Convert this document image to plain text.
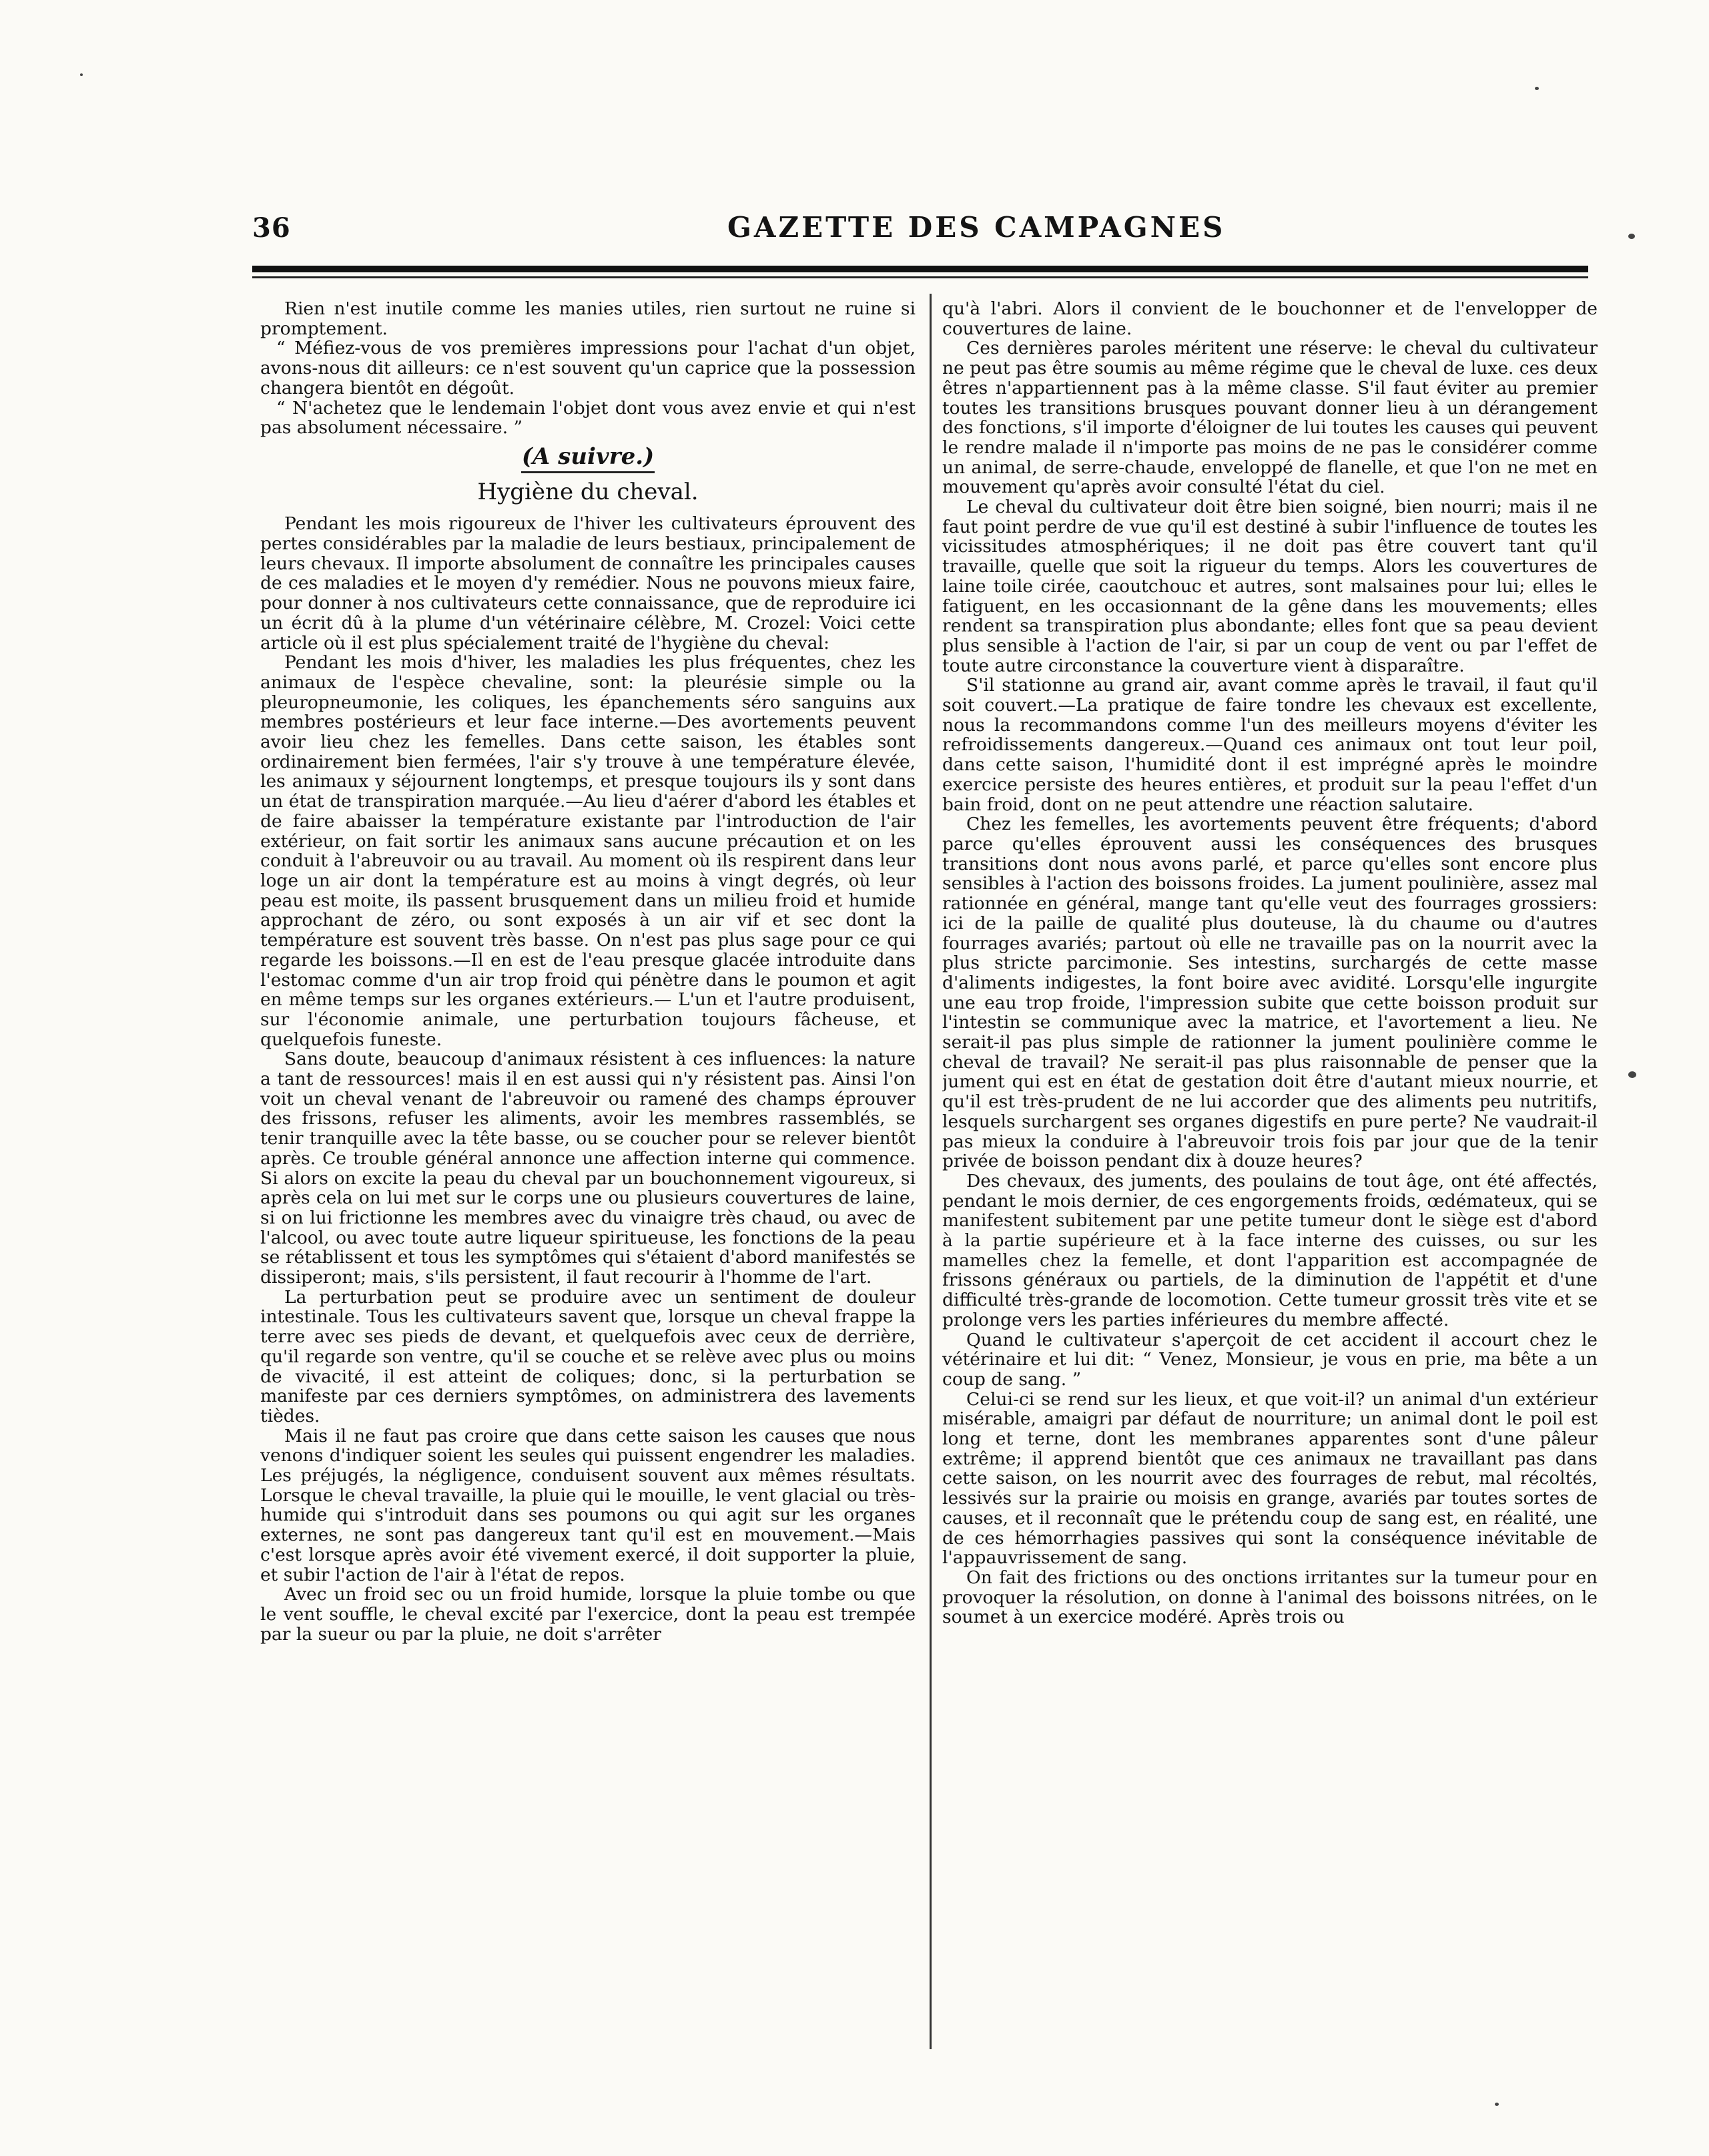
36	GAZETTE DES CAMPAGNES

Rien n'est inutile comme les manies utiles, rien surtout ne ruine si promptement.

“ Méfiez-vous de vos premières impressions pour l'achat d'un objet, avons-nous dit ailleurs: ce n'est souvent qu'un caprice que la possession changera bientôt en dégoût.

“ N'achetez que le lendemain l'objet dont vous avez envie et qui n'est pas absolument nécessaire. ”

(A suivre.)
Hygiène du cheval.

Pendant les mois rigoureux de l'hiver les cultivateurs éprouvent des pertes considérables par la maladie de leurs bestiaux, principalement de leurs chevaux. Il importe absolument de connaître les principales causes de ces maladies et le moyen d'y remédier. Nous ne pouvons mieux faire, pour donner à nos cultivateurs cette connaissance, que de reproduire ici un écrit dû à la plume d'un vétérinaire célèbre, M. Crozel: Voici cette article où il est plus spécialement traité de l'hygiène du cheval:

Pendant les mois d'hiver, les maladies les plus fréquentes, chez les animaux de l'espèce chevaline, sont: la pleurésie simple ou la pleuropneumonie, les coliques, les épanchements séro sanguins aux membres postérieurs et leur face interne.—Des avortements peuvent avoir lieu chez les femelles. Dans cette saison, les étables sont ordinairement bien fermées, l'air s'y trouve à une température élevée, les animaux y séjournent longtemps, et presque toujours ils y sont dans un état de transpiration marquée.—Au lieu d'aérer d'abord les étables et de faire abaisser la température existante par l'introduction de l'air extérieur, on fait sortir les animaux sans aucune précaution et on les conduit à l'abreuvoir ou au travail. Au moment où ils respirent dans leur loge un air dont la température est au moins à vingt degrés, où leur peau est moite, ils passent brusquement dans un milieu froid et humide approchant de zéro, ou sont exposés à un air vif et sec dont la température est souvent très basse. On n'est pas plus sage pour ce qui regarde les boissons.—Il en est de l'eau presque glacée introduite dans l'estomac comme d'un air trop froid qui pénètre dans le poumon et agit en même temps sur les organes extérieurs.— L'un et l'autre produisent, sur l'économie animale, une perturbation toujours fâcheuse, et quelquefois funeste.

Sans doute, beaucoup d'animaux résistent à ces influences: la nature a tant de ressources! mais il en est aussi qui n'y résistent pas. Ainsi l'on voit un cheval venant de l'abreuvoir ou ramené des champs éprouver des frissons, refuser les aliments, avoir les membres rassemblés, se tenir tranquille avec la tête basse, ou se coucher pour se relever bientôt après. Ce trouble général annonce une affection interne qui commence. Si alors on excite la peau du cheval par un bouchonnement vigoureux, si après cela on lui met sur le corps une ou plusieurs couvertures de laine, si on lui frictionne les membres avec du vinaigre très chaud, ou avec de l'alcool, ou avec toute autre liqueur spiritueuse, les fonctions de la peau se rétablissent et tous les symptômes qui s'étaient d'abord manifestés se dissiperont; mais, s'ils persistent, il faut recourir à l'homme de l'art.

La perturbation peut se produire avec un sentiment de douleur intestinale. Tous les cultivateurs savent que, lorsque un cheval frappe la terre avec ses pieds de devant, et quelquefois avec ceux de derrière, qu'il regarde son ventre, qu'il se couche et se relève avec plus ou moins de vivacité, il est atteint de coliques; donc, si la perturbation se manifeste par ces derniers symptômes, on administrera des lavements tièdes.

Mais il ne faut pas croire que dans cette saison les causes que nous venons d'indiquer soient les seules qui puissent engendrer les maladies. Les préjugés, la négligence, conduisent souvent aux mêmes résultats. Lorsque le cheval travaille, la pluie qui le mouille, le vent glacial ou très-humide qui s'introduit dans ses poumons ou qui agit sur les organes externes, ne sont pas dangereux tant qu'il est en mouvement.—Mais c'est lorsque après avoir été vivement exercé, il doit supporter la pluie, et subir l'action de l'air à l'état de repos.

Avec un froid sec ou un froid humide, lorsque la pluie tombe ou que le vent souffle, le cheval excité par l'exercice, dont la peau est trempée par la sueur ou par la pluie, ne doit s'arrêter

qu'à l'abri. Alors il convient de le bouchonner et de l'envelopper de couvertures de laine.

Ces dernières paroles méritent une réserve: le cheval du cultivateur ne peut pas être soumis au même régime que le cheval de luxe. ces deux êtres n'appartiennent pas à la même classe. S'il faut éviter au premier toutes les transitions brusques pouvant donner lieu à un dérangement des fonctions, s'il importe d'éloigner de lui toutes les causes qui peuvent le rendre malade il n'importe pas moins de ne pas le considérer comme un animal, de serre-chaude, enveloppé de flanelle, et que l'on ne met en mouvement qu'après avoir consulté l'état du ciel.

Le cheval du cultivateur doit être bien soigné, bien nourri; mais il ne faut point perdre de vue qu'il est destiné à subir l'influence de toutes les vicissitudes atmosphériques; il ne doit pas être couvert tant qu'il travaille, quelle que soit la rigueur du temps. Alors les couvertures de laine toile cirée, caoutchouc et autres, sont malsaines pour lui; elles le fatiguent, en les occasionnant de la gêne dans les mouvements; elles rendent sa transpiration plus abondante; elles font que sa peau devient plus sensible à l'action de l'air, si par un coup de vent ou par l'effet de toute autre circonstance la couverture vient à disparaître.

S'il stationne au grand air, avant comme après le travail, il faut qu'il soit couvert.—La pratique de faire tondre les chevaux est excellente, nous la recommandons comme l'un des meilleurs moyens d'éviter les refroidissements dangereux.—Quand ces animaux ont tout leur poil, dans cette saison, l'humidité dont il est imprégné après le moindre exercice persiste des heures entières, et produit sur la peau l'effet d'un bain froid, dont on ne peut attendre une réaction salutaire.

Chez les femelles, les avortements peuvent être fréquents; d'abord parce qu'elles éprouvent aussi les conséquences des brusques transitions dont nous avons parlé, et parce qu'elles sont encore plus sensibles à l'action des boissons froides. La jument poulinière, assez mal rationnée en général, mange tant qu'elle veut des fourrages grossiers: ici de la paille de qualité plus douteuse, là du chaume ou d'autres fourrages avariés; partout où elle ne travaille pas on la nourrit avec la plus stricte parcimonie. Ses intestins, surchargés de cette masse d'aliments indigestes, la font boire avec avidité. Lorsqu'elle ingurgite une eau trop froide, l'impression subite que cette boisson produit sur l'intestin se communique avec la matrice, et l'avortement a lieu. Ne serait-il pas plus simple de rationner la jument poulinière comme le cheval de travail? Ne serait-il pas plus raisonnable de penser que la jument qui est en état de gestation doit être d'autant mieux nourrie, et qu'il est très-prudent de ne lui accorder que des aliments peu nutritifs, lesquels surchargent ses organes digestifs en pure perte? Ne vaudrait-il pas mieux la conduire à l'abreuvoir trois fois par jour que de la tenir privée de boisson pendant dix à douze heures?

Des chevaux, des juments, des poulains de tout âge, ont été affectés, pendant le mois dernier, de ces engorgements froids, œdémateux, qui se manifestent subitement par une petite tumeur dont le siège est d'abord à la partie supérieure et à la face interne des cuisses, ou sur les mamelles chez la femelle, et dont l'apparition est accompagnée de frissons généraux ou partiels, de la diminution de l'appétit et d'une difficulté très-grande de locomotion. Cette tumeur grossit très vite et se prolonge vers les parties inférieures du membre affecté.

Quand le cultivateur s'aperçoit de cet accident il accourt chez le vétérinaire et lui dit: “ Venez, Monsieur, je vous en prie, ma bête a un coup de sang. ”

Celui-ci se rend sur les lieux, et que voit-il? un animal d'un extérieur misérable, amaigri par défaut de nourriture; un animal dont le poil est long et terne, dont les membranes apparentes sont d'une pâleur extrême; il apprend bientôt que ces animaux ne travaillant pas dans cette saison, on les nourrit avec des fourrages de rebut, mal récoltés, lessivés sur la prairie ou moisis en grange, avariés par toutes sortes de causes, et il reconnaît que le prétendu coup de sang est, en réalité, une de ces hémorrhagies passives qui sont la conséquence inévitable de l'appauvrissement de sang.

On fait des frictions ou des onctions irritantes sur la tumeur pour en provoquer la résolution, on donne à l'animal des boissons nitrées, on le soumet à un exercice modéré. Après trois ou
